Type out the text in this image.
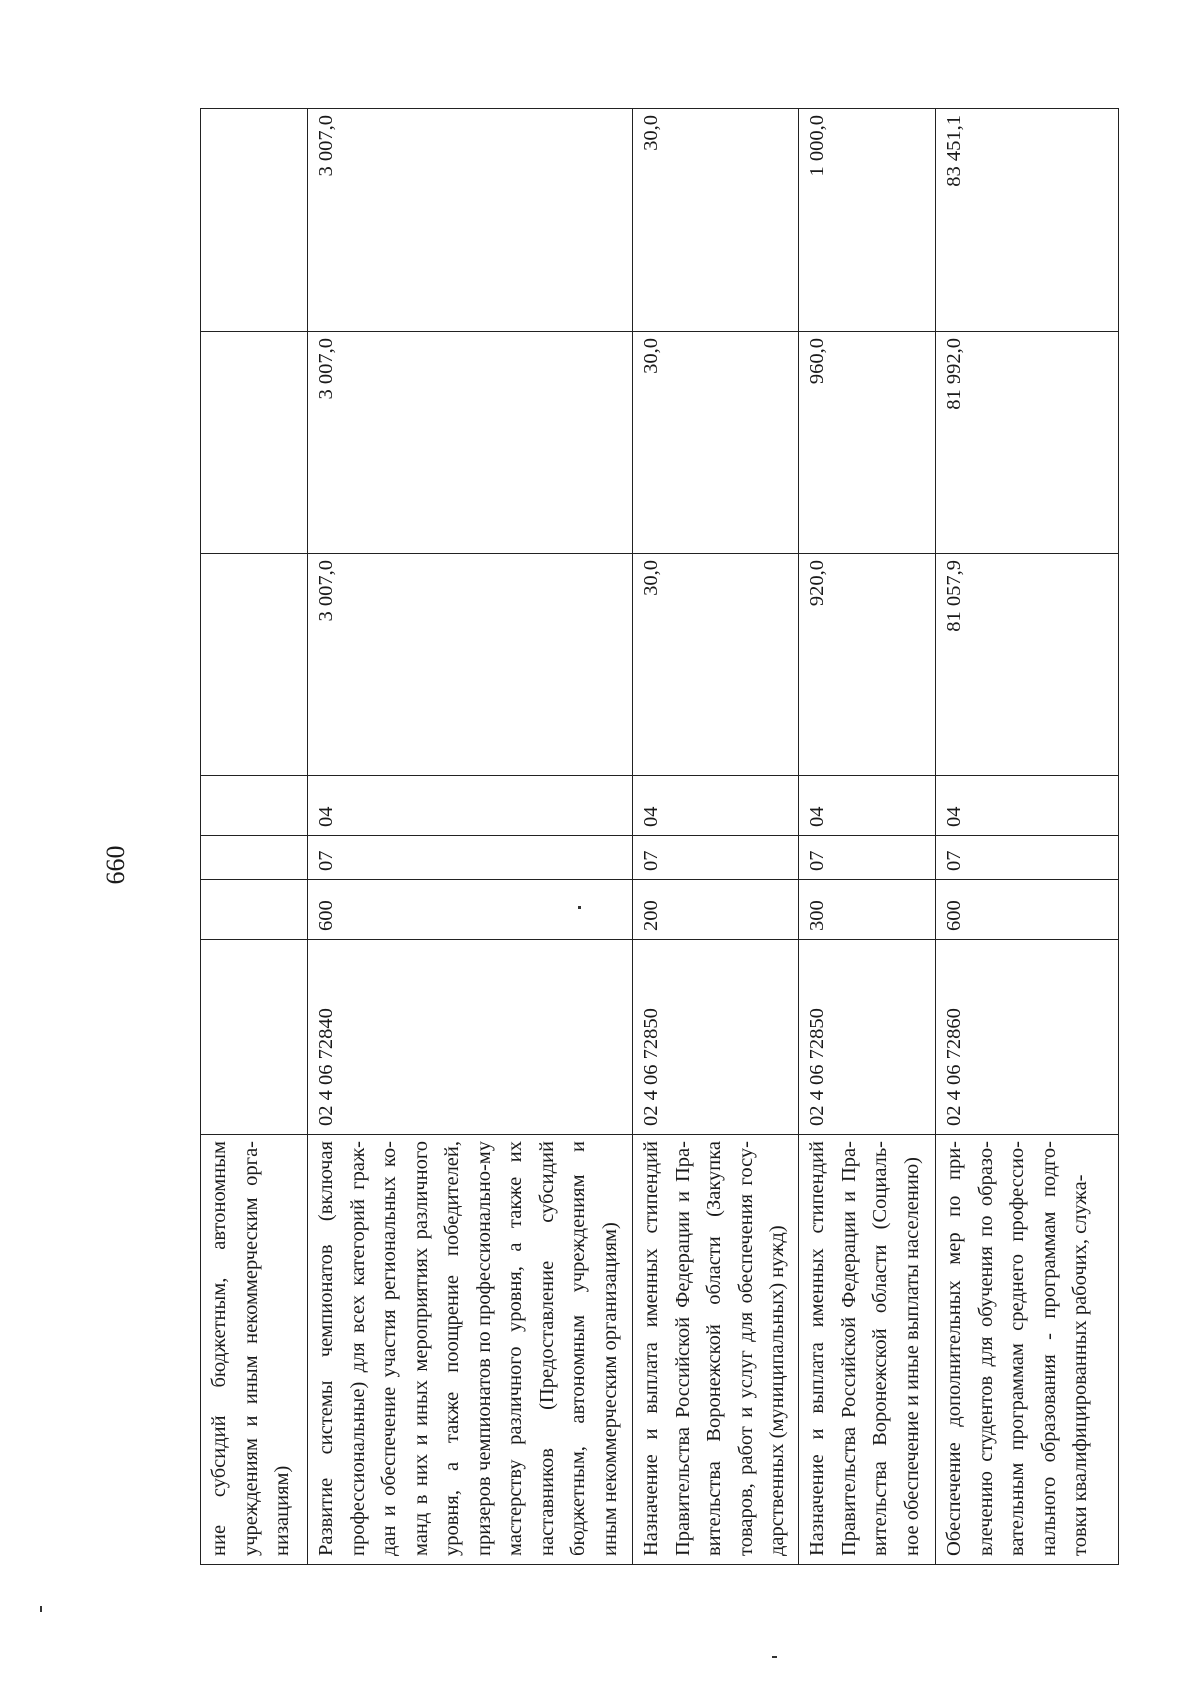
660
ние субсидий бюджетным, автономным учреждениям и иным некоммерческим орга-низациям)							
Развитие системы чемпионатов (включая профессиональные) для всех категорий граж-дан и обеспечение участия региональных ко-манд в них и иных мероприятиях различного уровня, а также поощрение победителей, призеров чемпионатов по профессионально-му мастерству различного уровня, а также их наставников (Предоставление субсидий бюджетным, автономным учреждениям и иным некоммерческим организациям)	02 4 06 72840	600	07	04	3 007,0	3 007,0	3 007,0
Назначение и выплата именных стипендий Правительства Российской Федерации и Пра-вительства Воронежской области (Закупка товаров, работ и услуг для обеспечения госу-дарственных (муниципальных) нужд)	02 4 06 72850	200	07	04	30,0	30,0	30,0
Назначение и выплата именных стипендий Правительства Российской Федерации и Пра-вительства Воронежской области (Социаль-ное обеспечение и иные выплаты населению)	02 4 06 72850	300	07	04	920,0	960,0	1 000,0
Обеспечение дополнительных мер по при-влечению студентов для обучения по образо-вательным программам среднего профессио-нального образования - программам подго-товки квалифицированных рабочих, служа-	02 4 06 72860	600	07	04	81 057,9	81 992,0	83 451,1
